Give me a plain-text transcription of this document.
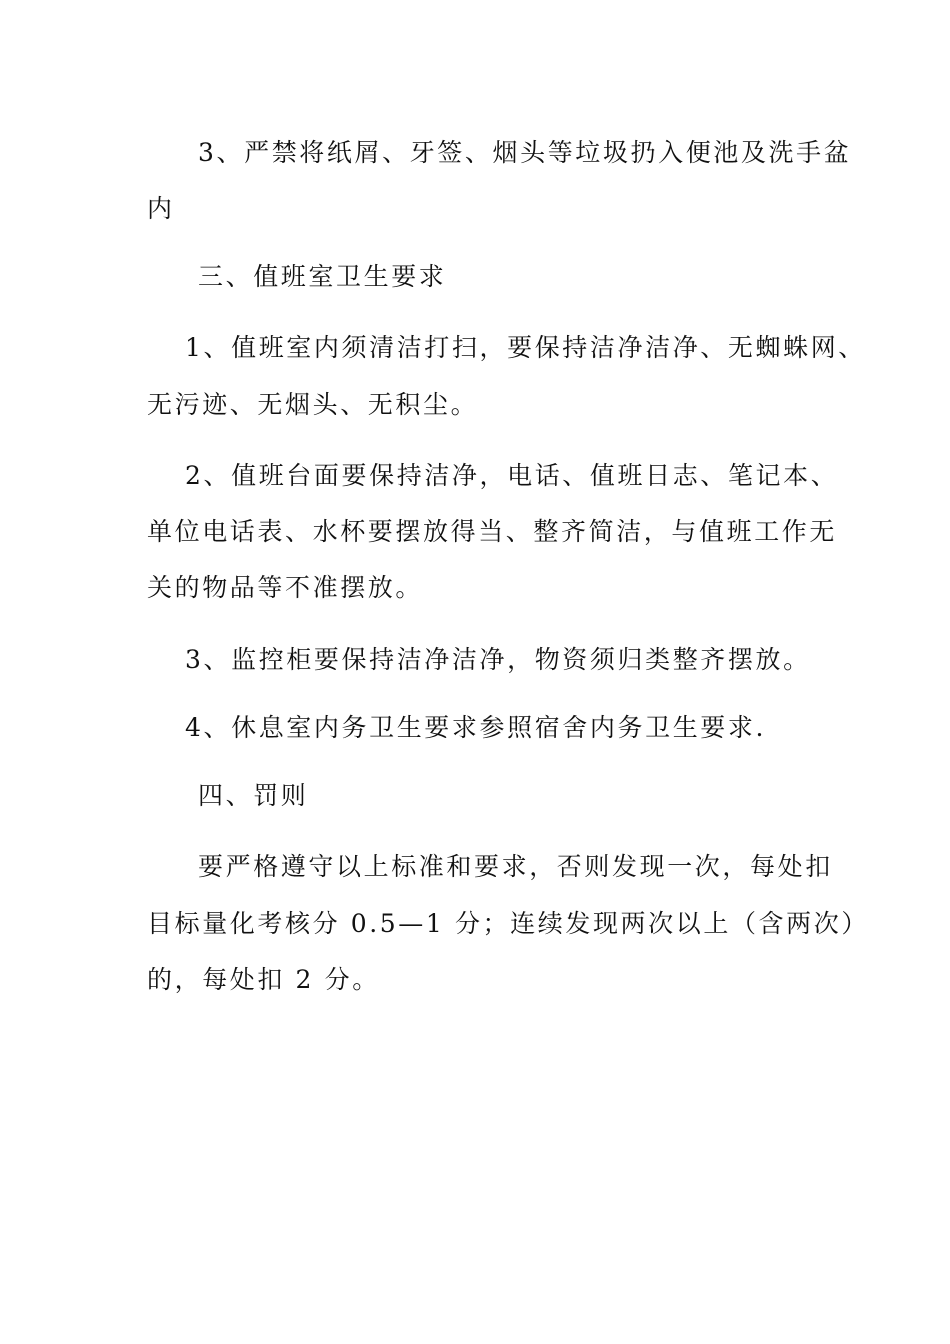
3、严禁将纸屑、牙签、烟头等垃圾扔入便池及洗手盆
内
三、值班室卫生要求
1、值班室内须清洁打扫，要保持洁净洁净、无蜘蛛网、
无污迹、无烟头、无积尘。
2、值班台面要保持洁净，电话、值班日志、笔记本、
单位电话表、水杯要摆放得当、整齐简洁，与值班工作无
关的物品等不准摆放。
3、监控柜要保持洁净洁净，物资须归类整齐摆放。
4、休息室内务卫生要求参照宿舍内务卫生要求.
四、罚则
要严格遵守以上标准和要求，否则发现一次，每处扣
目标量化考核分 0.5—1 分；连续发现两次以上（含两次）
的，每处扣 2 分。
